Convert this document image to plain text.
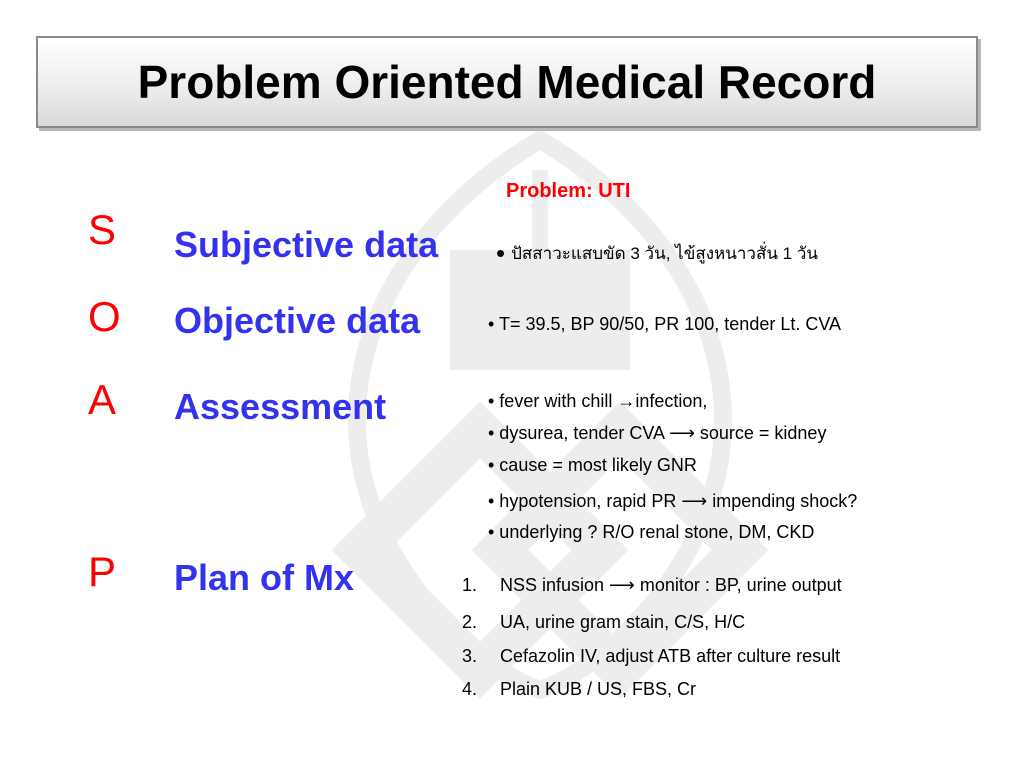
Problem Oriented Medical Record
Problem: UTI
S	Subjective data • ปัสสาวะแสบขัด 3 วัน, ไข้สูงหนาวสั่น 1 วัน
O Objective data	• T= 39.5, BP 90/50, PR 100, tender Lt. CVA
A	Assessment	• fever with chill →infection,
• dysurea, tender CVA ⟶ source = kidney
• cause = most likely GNR
• hypotension, rapid PR ⟶ impending shock?
• underlying ? R/O renal stone, DM, CKD
P	Plan of Mx	1. NSS infusion ⟶ monitor : BP, urine output
2. UA, urine gram stain, C/S, H/C
3. Cefazolin IV, adjust ATB after culture result
4. Plain KUB / US, FBS, Cr
